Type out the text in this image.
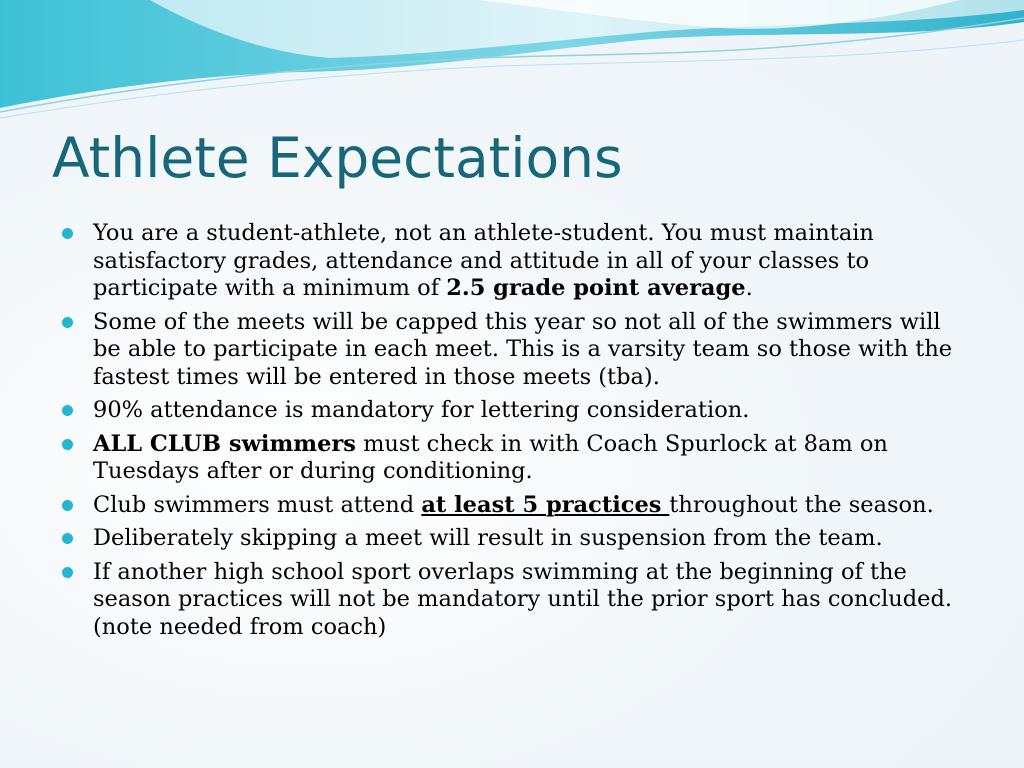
Athlete Expectations
You are a student-athlete, not an athlete-student. You must maintain satisfactory grades, attendance and attitude in all of your classes to participate with a minimum of 2.5 grade point average.
Some of the meets will be capped this year so not all of the swimmers will be able to participate in each meet. This is a varsity team so those with the fastest times will be entered in those meets (tba).
90% attendance is mandatory for lettering consideration.
ALL CLUB swimmers must check in with Coach Spurlock at 8am on Tuesdays after or during conditioning.
Club swimmers must attend at least 5 practices throughout the season.
Deliberately skipping a meet will result in suspension from the team.
If another high school sport overlaps swimming at the beginning of the season practices will not be mandatory until the prior sport has concluded. (note needed from coach)
